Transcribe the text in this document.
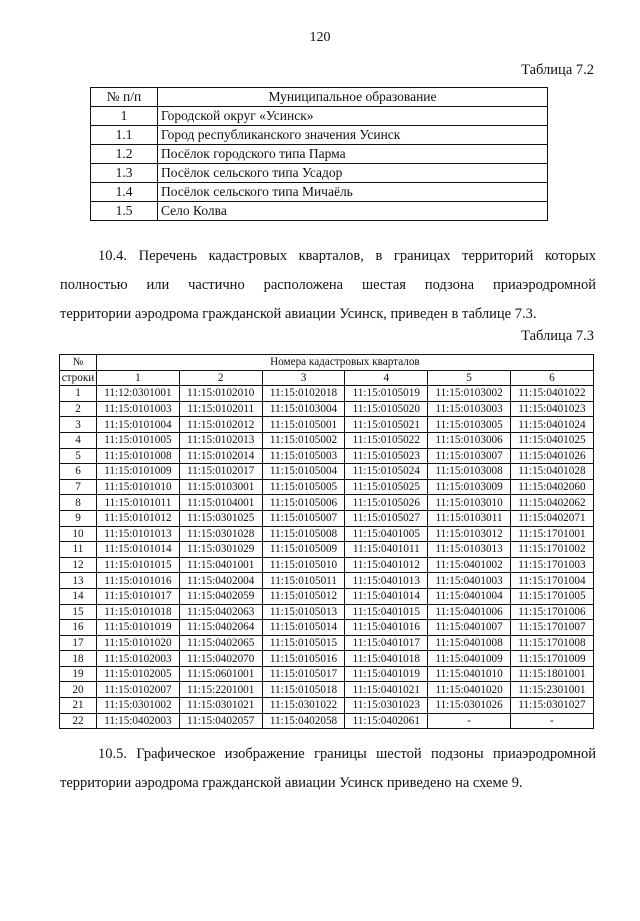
120
Таблица 7.2
№ п/п	Муниципальное образование
1	Городской округ «Усинск»
1.1	Город республиканского значения Усинск
1.2	Посёлок городского типа Парма
1.3	Посёлок сельского типа Усадор
1.4	Посёлок сельского типа Мичаёль
1.5	Село Колва
10.4. Перечень кадастровых кварталов, в границах территорий которых
полностью или частично расположена шестая подзона приаэродромной
территории аэродрома гражданской авиации Усинск, приведен в таблице 7.3.
Таблица 7.3
№	Номера кадастровых кварталов					
строки	1	2	3	4	5	6
1	11:12:0301001	11:15:0102010	11:15:0102018	11:15:0105019	11:15:0103002	11:15:0401022
2	11:15:0101003	11:15:0102011	11:15:0103004	11:15:0105020	11:15:0103003	11:15:0401023
3	11:15:0101004	11:15:0102012	11:15:0105001	11:15:0105021	11:15:0103005	11:15:0401024
4	11:15:0101005	11:15:0102013	11:15:0105002	11:15:0105022	11:15:0103006	11:15:0401025
5	11:15:0101008	11:15:0102014	11:15:0105003	11:15:0105023	11:15:0103007	11:15:0401026
6	11:15:0101009	11:15:0102017	11:15:0105004	11:15:0105024	11:15:0103008	11:15:0401028
7	11:15:0101010	11:15:0103001	11:15:0105005	11:15:0105025	11:15:0103009	11:15:0402060
8	11:15:0101011	11:15:0104001	11:15:0105006	11:15:0105026	11:15:0103010	11:15:0402062
9	11:15:0101012	11:15:0301025	11:15:0105007	11:15:0105027	11:15:0103011	11:15:0402071
10	11:15:0101013	11:15:0301028	11:15:0105008	11:15:0401005	11:15:0103012	11:15:1701001
11	11:15:0101014	11:15:0301029	11:15:0105009	11:15:0401011	11:15:0103013	11:15:1701002
12	11:15:0101015	11:15:0401001	11:15:0105010	11:15:0401012	11:15:0401002	11:15:1701003
13	11:15:0101016	11:15:0402004	11:15:0105011	11:15:0401013	11:15:0401003	11:15:1701004
14	11:15:0101017	11:15:0402059	11:15:0105012	11:15:0401014	11:15:0401004	11:15:1701005
15	11:15:0101018	11:15:0402063	11:15:0105013	11:15:0401015	11:15:0401006	11:15:1701006
16	11:15:0101019	11:15:0402064	11:15:0105014	11:15:0401016	11:15:0401007	11:15:1701007
17	11:15:0101020	11:15:0402065	11:15:0105015	11:15:0401017	11:15:0401008	11:15:1701008
18	11:15:0102003	11:15:0402070	11:15:0105016	11:15:0401018	11:15:0401009	11:15:1701009
19	11:15:0102005	11:15:0601001	11:15:0105017	11:15:0401019	11:15:0401010	11:15:1801001
20	11:15:0102007	11:15:2201001	11:15:0105018	11:15:0401021	11:15:0401020	11:15:2301001
21	11:15:0301002	11:15:0301021	11:15:0301022	11:15:0301023	11:15:0301026	11:15:0301027
22	11:15:0402003	11:15:0402057	11:15:0402058	11:15:0402061	-	-
10.5. Графическое изображение границы шестой подзоны приаэродромной
территории аэродрома гражданской авиации Усинск приведено на схеме 9.
